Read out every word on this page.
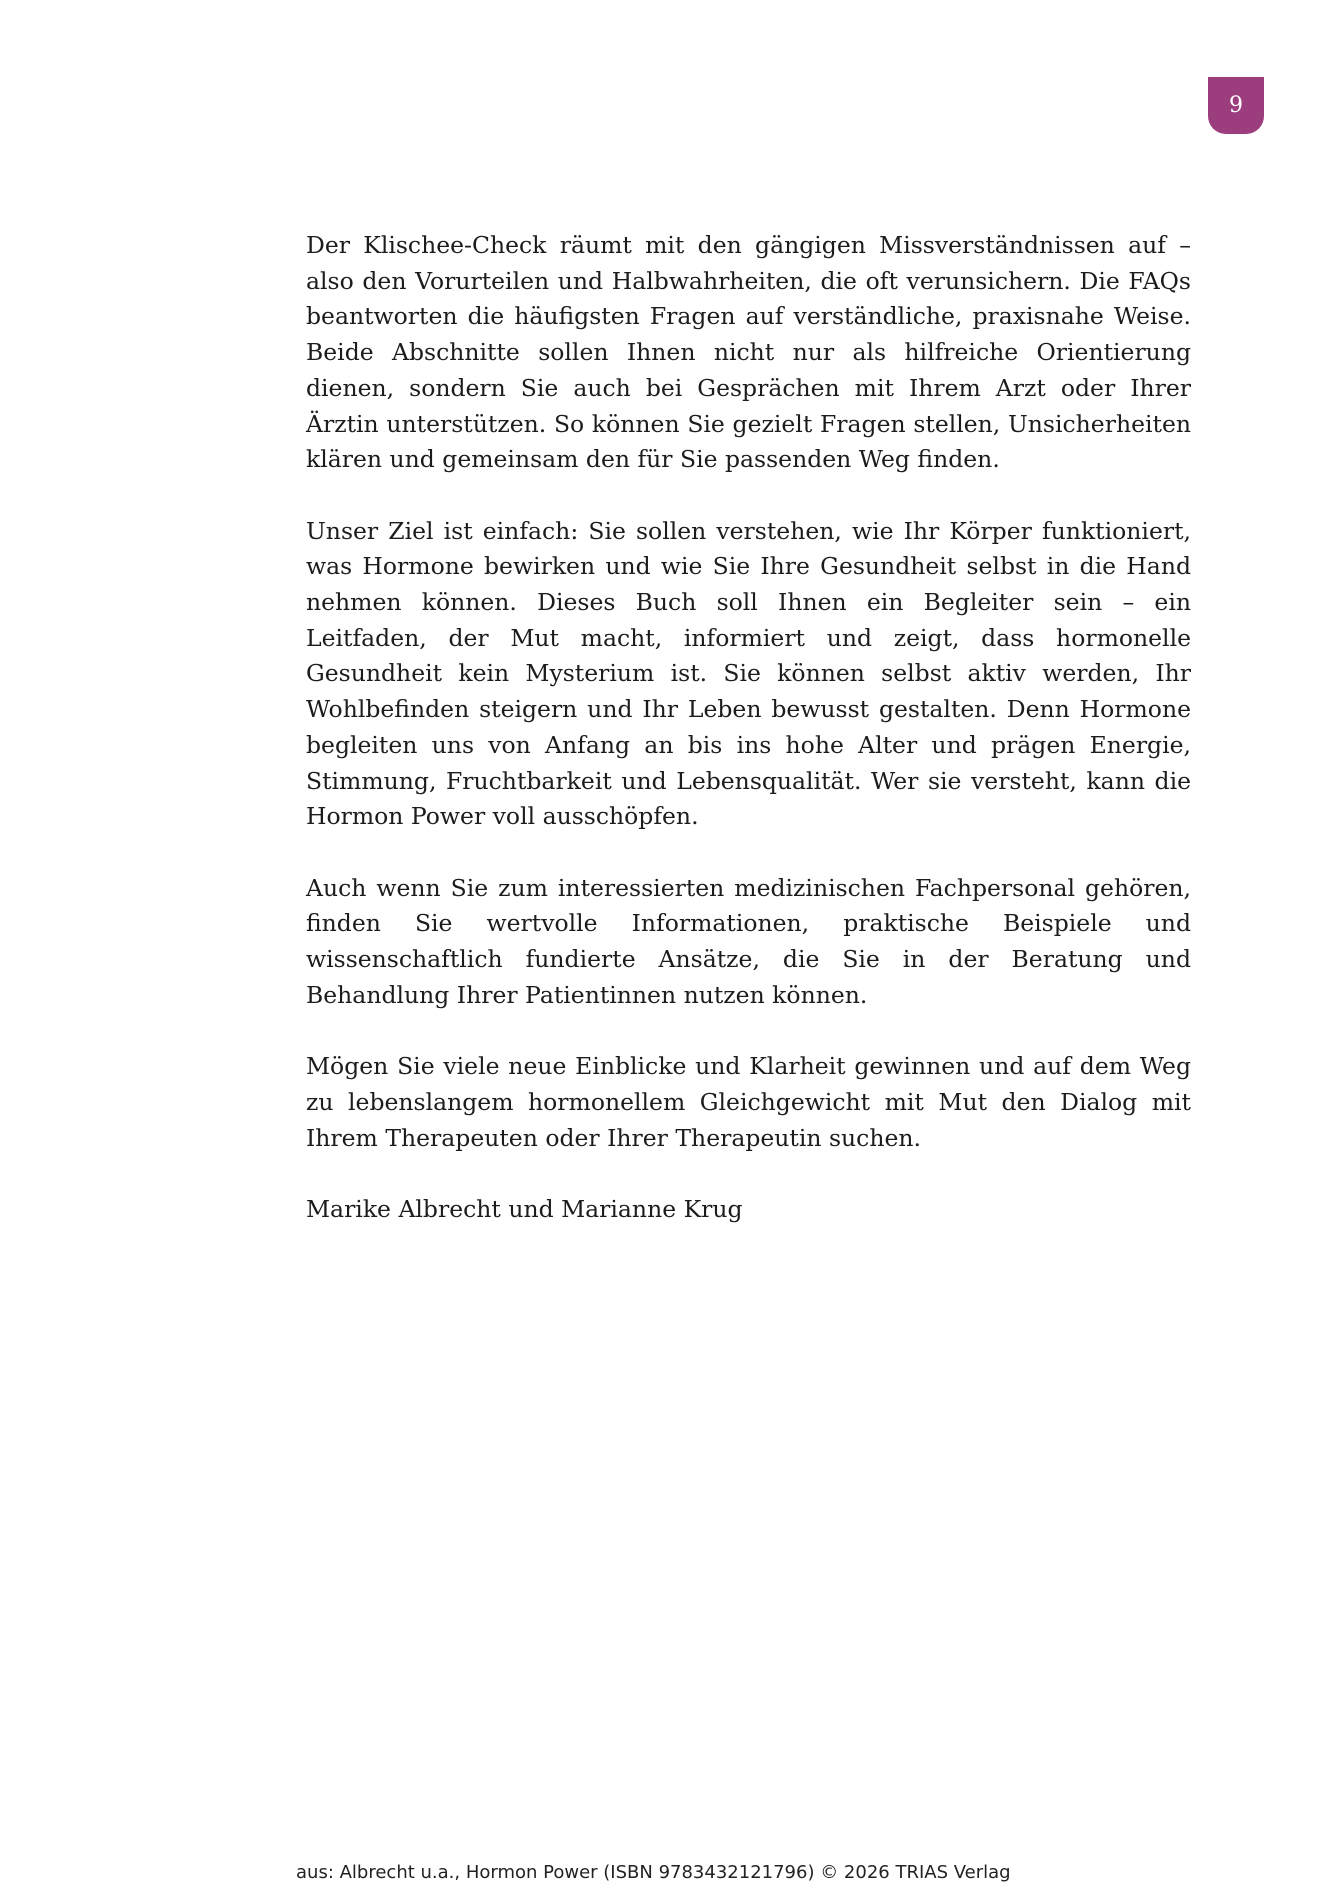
9

Der Klischee-Check räumt mit den gängigen Missverständnissen auf – also den Vorurteilen und Halbwahrheiten, die oft verunsichern. Die FAQs beantworten die häufigsten Fragen auf verständliche, praxisnahe Weise. Beide Abschnitte sollen Ihnen nicht nur als hilfreiche Orientierung dienen, sondern Sie auch bei Gesprächen mit Ihrem Arzt oder Ihrer Ärztin unterstützen. So können Sie gezielt Fragen stellen, Unsicherheiten klären und gemeinsam den für Sie passenden Weg finden.

Unser Ziel ist einfach: Sie sollen verstehen, wie Ihr Körper funktioniert, was Hormone bewirken und wie Sie Ihre Gesundheit selbst in die Hand nehmen können. Dieses Buch soll Ihnen ein Begleiter sein – ein Leitfaden, der Mut macht, informiert und zeigt, dass hormonelle Gesundheit kein Mysterium ist. Sie können selbst aktiv werden, Ihr Wohlbefinden steigern und Ihr Leben bewusst gestalten. Denn Hormone begleiten uns von Anfang an bis ins hohe Alter und prägen Energie, Stimmung, Fruchtbarkeit und Lebensqualität. Wer sie versteht, kann die Hormon Power voll ausschöpfen.

Auch wenn Sie zum interessierten medizinischen Fachpersonal gehören, finden Sie wertvolle Informationen, praktische Beispiele und wissenschaftlich fundierte Ansätze, die Sie in der Beratung und Behandlung Ihrer Patientinnen nutzen können.

Mögen Sie viele neue Einblicke und Klarheit gewinnen und auf dem Weg zu lebenslangem hormonellem Gleichgewicht mit Mut den Dialog mit Ihrem Therapeuten oder Ihrer Therapeutin suchen.

Marike Albrecht und Marianne Krug

aus: Albrecht u.a., Hormon Power (ISBN 9783432121796) © 2026 TRIAS Verlag
